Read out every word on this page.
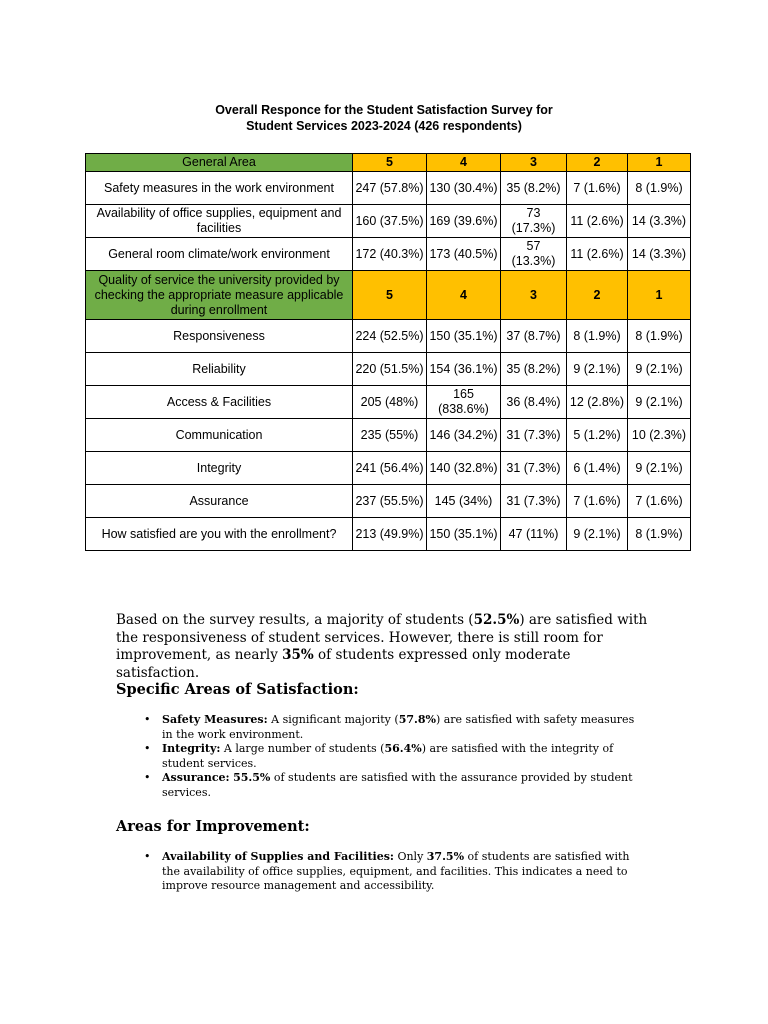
Overall Responce for the Student Satisfaction Survey for
Student Services 2023-2024 (426 respondents)
General Area	5	4	3	2	1
Safety measures in the work environment	247 (57.8%)	130 (30.4%)	35 (8.2%)	7 (1.6%)	8 (1.9%)
Availability of office supplies, equipment and facilities	160 (37.5%)	169 (39.6%)	73 (17.3%)	11 (2.6%)	14 (3.3%)
General room climate/work environment	172 (40.3%)	173 (40.5%)	57 (13.3%)	11 (2.6%)	14 (3.3%)
Quality of service the university provided by checking the appropriate measure applicable during enrollment	5	4	3	2	1
Responsiveness	224 (52.5%)	150 (35.1%)	37 (8.7%)	8 (1.9%)	8 (1.9%)
Reliability	220 (51.5%)	154 (36.1%)	35 (8.2%)	9 (2.1%)	9 (2.1%)
Access & Facilities	205 (48%)	165 (838.6%)	36 (8.4%)	12 (2.8%)	9 (2.1%)
Communication	235 (55%)	146 (34.2%)	31 (7.3%)	5 (1.2%)	10 (2.3%)
Integrity	241 (56.4%)	140 (32.8%)	31 (7.3%)	6 (1.4%)	9 (2.1%)
Assurance	237 (55.5%)	145 (34%)	31 (7.3%)	7 (1.6%)	7 (1.6%)
How satisfied are you with the enrollment?	213 (49.9%)	150 (35.1%)	47 (11%)	9 (2.1%)	8 (1.9%)
Based on the survey results, a majority of students (52.5%) are satisfied with the responsiveness of student services. However, there is still room for improvement, as nearly 35% of students expressed only moderate satisfaction.
Specific Areas of Satisfaction:
• Safety Measures: A significant majority (57.8%) are satisfied with safety measures in the work environment.
• Integrity: A large number of students (56.4%) are satisfied with the integrity of student services.
• Assurance: 55.5% of students are satisfied with the assurance provided by student services.
Areas for Improvement:
• Availability of Supplies and Facilities: Only 37.5% of students are satisfied with the availability of office supplies, equipment, and facilities. This indicates a need to improve resource management and accessibility.
